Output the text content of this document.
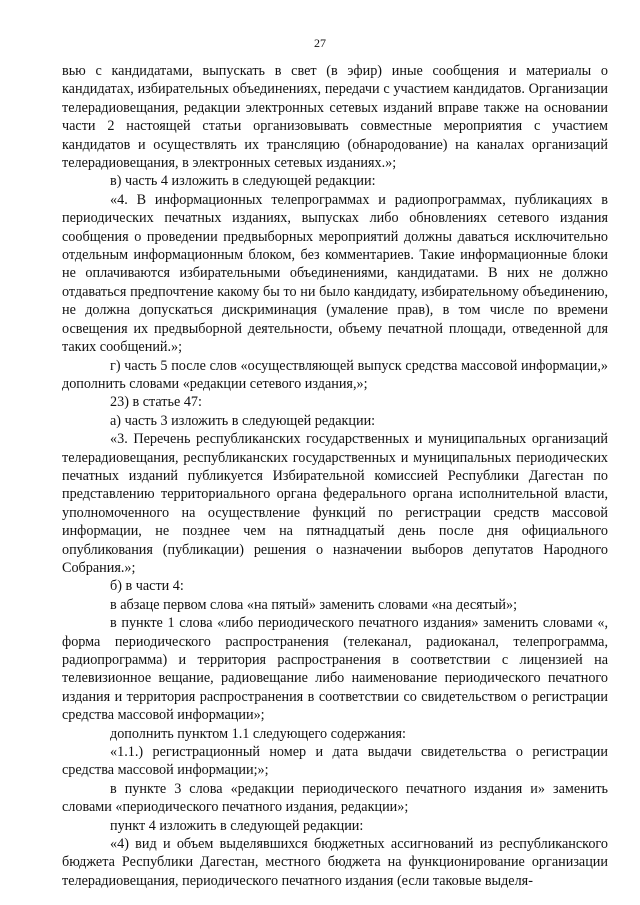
27

вью с кандидатами, выпускать в свет (в эфир) иные сообщения и материалы о кандидатах, избирательных объединениях, передачи с участием кандидатов. Организации телерадиовещания, редакции электронных сетевых изданий вправе также на основании части 2 настоящей статьи организовывать совместные мероприятия с участием кандидатов и осуществлять их трансляцию (обнародование) на каналах организаций телерадиовещания, в электронных сетевых изданиях.»;

в) часть 4 изложить в следующей редакции:

«4. В информационных телепрограммах и радиопрограммах, публикациях в периодических печатных изданиях, выпусках либо обновлениях сетевого издания сообщения о проведении предвыборных мероприятий должны даваться исключительно отдельным информационным блоком, без комментариев. Такие информационные блоки не оплачиваются избирательными объединениями, кандидатами. В них не должно отдаваться предпочтение какому бы то ни было кандидату, избирательному объединению, не должна допускаться дискриминация (умаление прав), в том числе по времени освещения их предвыборной деятельности, объему печатной площади, отведенной для таких сообщений.»;

г) часть 5 после слов «осуществляющей выпуск средства массовой информации,» дополнить словами «редакции сетевого издания,»;

23) в статье 47:

а) часть 3 изложить в следующей редакции:

«3. Перечень республиканских государственных и муниципальных организаций телерадиовещания, республиканских государственных и муниципальных периодических печатных изданий публикуется Избирательной комиссией Республики Дагестан по представлению территориального органа федерального органа исполнительной власти, уполномоченного на осуществление функций по регистрации средств массовой информации, не позднее чем на пятнадцатый день после дня официального опубликования (публикации) решения о назначении выборов депутатов Народного Собрания.»;

б) в части 4:

в абзаце первом слова «на пятый» заменить словами «на десятый»;

в пункте 1 слова «либо периодического печатного издания» заменить словами «, форма периодического распространения (телеканал, радиоканал, телепрограмма, радиопрограмма) и территория распространения в соответствии с лицензией на телевизионное вещание, радиовещание либо наименование периодического печатного издания и территория распространения в соответствии со свидетельством о регистрации средства массовой информации»;

дополнить пунктом 1.1 следующего содержания:

«1.1.) регистрационный номер и дата выдачи свидетельства о регистрации средства массовой информации;»;

в пункте 3 слова «редакции периодического печатного издания и» заменить словами «периодического печатного издания, редакции»;

пункт 4 изложить в следующей редакции:

«4) вид и объем выделявшихся бюджетных ассигнований из республиканского бюджета Республики Дагестан, местного бюджета на функционирование организации телерадиовещания, периодического печатного издания (если таковые выделя-
